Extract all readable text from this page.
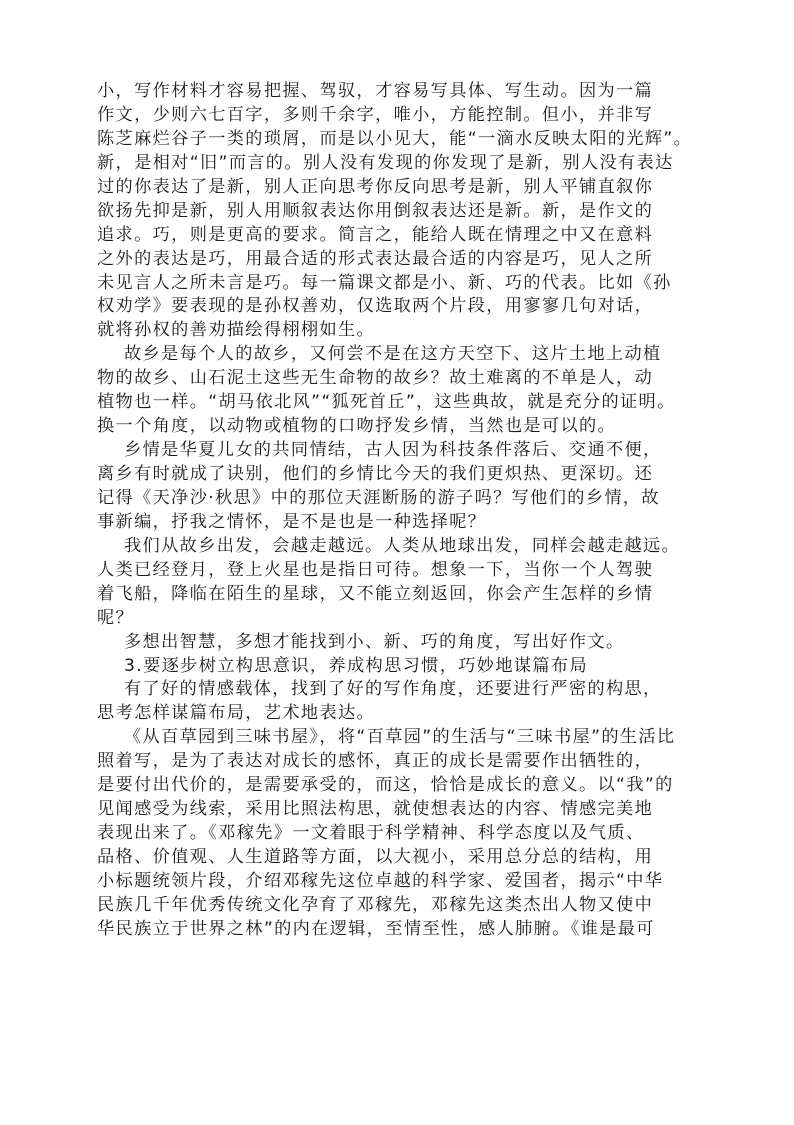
小，写作材料才容易把握、驾驭，才容易写具体、写生动。因为一篇
作文，少则六七百字，多则千余字，唯小，方能控制。但小，并非写
陈芝麻烂谷子一类的琐屑，而是以小见大，能“一滴水反映太阳的光辉”。
新，是相对“旧”而言的。别人没有发现的你发现了是新，别人没有表达
过的你表达了是新，别人正向思考你反向思考是新，别人平铺直叙你
欲扬先抑是新，别人用顺叙表达你用倒叙表达还是新。新，是作文的
追求。巧，则是更高的要求。简言之，能给人既在情理之中又在意料
之外的表达是巧，用最合适的形式表达最合适的内容是巧，见人之所
未见言人之所未言是巧。每一篇课文都是小、新、巧的代表。比如《孙
权劝学》要表现的是孙权善劝，仅选取两个片段，用寥寥几句对话，
就将孙权的善劝描绘得栩栩如生。
故乡是每个人的故乡，又何尝不是在这方天空下、这片土地上动植
物的故乡、山石泥土这些无生命物的故乡？故土难离的不单是人，动
植物也一样。“胡马依北风”“狐死首丘”，这些典故，就是充分的证明。
换一个角度，以动物或植物的口吻抒发乡情，当然也是可以的。
乡情是华夏儿女的共同情结，古人因为科技条件落后、交通不便，
离乡有时就成了诀别，他们的乡情比今天的我们更炽热、更深切。还
记得《天净沙·秋思》中的那位天涯断肠的游子吗？写他们的乡情，故
事新编，抒我之情怀，是不是也是一种选择呢？
我们从故乡出发，会越走越远。人类从地球出发，同样会越走越远。
人类已经登月，登上火星也是指日可待。想象一下，当你一个人驾驶
着飞船，降临在陌生的星球，又不能立刻返回，你会产生怎样的乡情
呢？
多想出智慧，多想才能找到小、新、巧的角度，写出好作文。
3.要逐步树立构思意识，养成构思习惯，巧妙地谋篇布局
有了好的情感载体，找到了好的写作角度，还要进行严密的构思，
思考怎样谋篇布局，艺术地表达。
《从百草园到三味书屋》，将“百草园”的生活与“三味书屋”的生活比
照着写，是为了表达对成长的感怀，真正的成长是需要作出牺牲的，
是要付出代价的，是需要承受的，而这，恰恰是成长的意义。以“我”的
见闻感受为线索，采用比照法构思，就使想表达的内容、情感完美地
表现出来了。《邓稼先》一文着眼于科学精神、科学态度以及气质、
品格、价值观、人生道路等方面，以大视小，采用总分总的结构，用
小标题统领片段，介绍邓稼先这位卓越的科学家、爱国者，揭示“中华
民族几千年优秀传统文化孕育了邓稼先，邓稼先这类杰出人物又使中
华民族立于世界之林”的内在逻辑，至情至性，感人肺腑。《谁是最可
